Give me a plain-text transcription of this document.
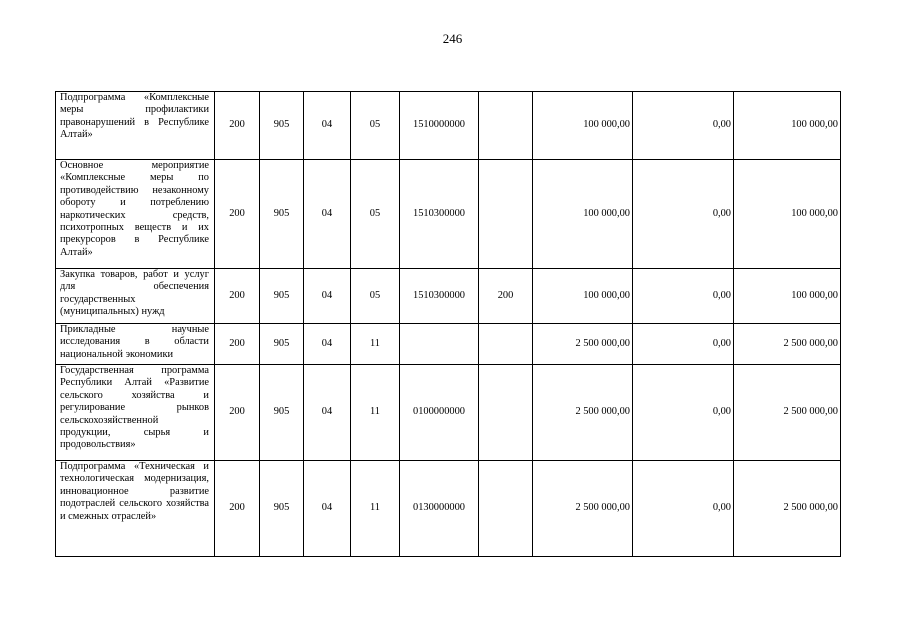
246
Подпрограмма «Комплексные меры профилактики правонарушений в Республике Алтай»	200	905	04	05	1510000000		100 000,00	0,00	100 000,00
Основное мероприятие «Комплексные меры по противодействию незаконному обороту и потреблению наркотических средств, психотропных веществ и их прекурсоров в Республике Алтай»	200	905	04	05	1510300000		100 000,00	0,00	100 000,00
Закупка товаров, работ и услуг для обеспечения государственных (муниципальных) нужд	200	905	04	05	1510300000	200	100 000,00	0,00	100 000,00
Прикладные научные исследования в области национальной экономики	200	905	04	11			2 500 000,00	0,00	2 500 000,00
Государственная программа Республики Алтай «Развитие сельского хозяйства и регулирование рынков сельскохозяйственной продукции, сырья и продовольствия»	200	905	04	11	0100000000		2 500 000,00	0,00	2 500 000,00
Подпрограмма «Техническая и технологическая модернизация, инновационное развитие подотраслей сельского хозяйства и смежных отраслей»	200	905	04	11	0130000000		2 500 000,00	0,00	2 500 000,00
